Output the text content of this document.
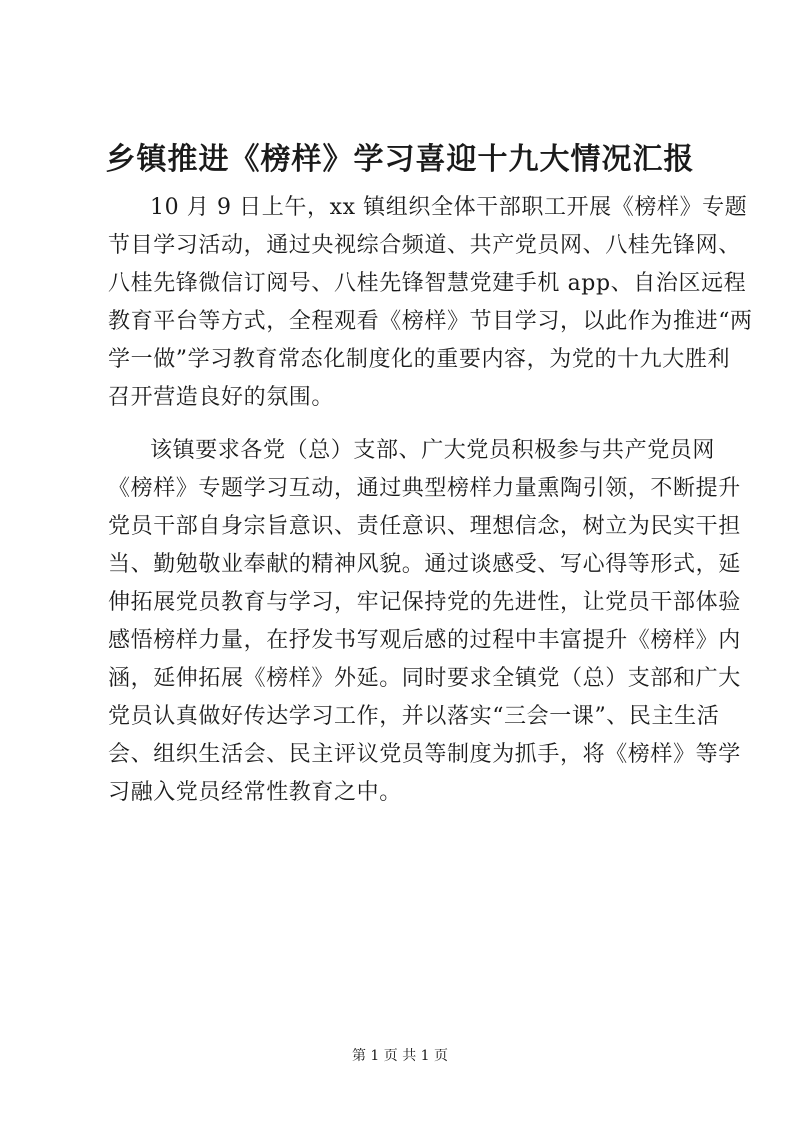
乡镇推进《榜样》学习喜迎十九大情况汇报
10 月 9 日上午，xx 镇组织全体干部职工开展《榜样》专题
节目学习活动，通过央视综合频道、共产党员网、八桂先锋网、
八桂先锋微信订阅号、八桂先锋智慧党建手机 app、自治区远程
教育平台等方式，全程观看《榜样》节目学习，以此作为推进“两
学一做”学习教育常态化制度化的重要内容，为党的十九大胜利
召开营造良好的氛围。
该镇要求各党（总）支部、广大党员积极参与共产党员网
《榜样》专题学习互动，通过典型榜样力量熏陶引领，不断提升
党员干部自身宗旨意识、责任意识、理想信念，树立为民实干担
当、勤勉敬业奉献的精神风貌。通过谈感受、写心得等形式，延
伸拓展党员教育与学习，牢记保持党的先进性，让党员干部体验
感悟榜样力量，在抒发书写观后感的过程中丰富提升《榜样》内
涵，延伸拓展《榜样》外延。同时要求全镇党（总）支部和广大
党员认真做好传达学习工作，并以落实“三会一课”、民主生活
会、组织生活会、民主评议党员等制度为抓手，将《榜样》等学
习融入党员经常性教育之中。
第 1 页 共 1 页
